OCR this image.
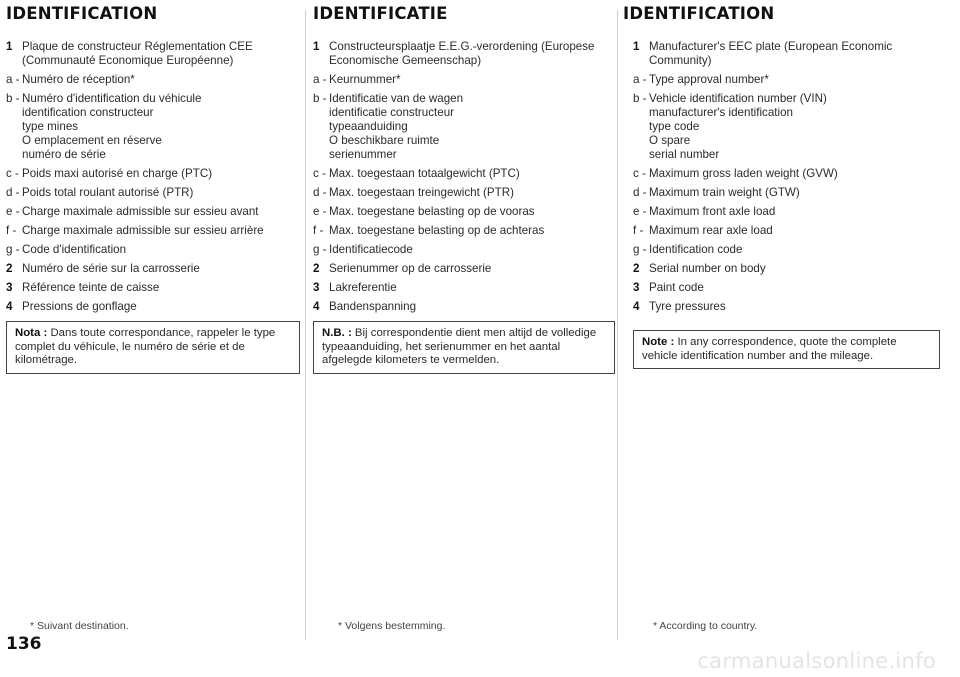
IDENTIFICATION
1 Plaque de constructeur Réglementation CEE
(Communauté Economique Européenne)
a - Numéro de réception*
b - Numéro d'identification du véhicule
identification constructeur
type mines
O emplacement en réserve
numéro de série
c - Poids maxi autorisé en charge (PTC)
d - Poids total roulant autorisé (PTR)
e - Charge maximale admissible sur essieu avant
f - Charge maximale admissible sur essieu arrière
g - Code d'identification
2 Numéro de série sur la carrosserie
3 Référence teinte de caisse
4 Pressions de gonflage
Nota : Dans toute correspondance, rappeler le type complet du véhicule, le numéro de série et de kilométrage.
* Suivant destination.
IDENTIFICATIE
1 Constructeursplaatje E.E.G.-verordening (Europese
Economische Gemeenschap)
a - Keurnummer*
b - Identificatie van de wagen
identificatie constructeur
typeaanduiding
O beschikbare ruimte
serienummer
c - Max. toegestaan totaalgewicht (PTC)
d - Max. toegestaan treingewicht (PTR)
e - Max. toegestane belasting op de vooras
f - Max. toegestane belasting op de achteras
g - Identificatiecode
2 Serienummer op de carrosserie
3 Lakreferentie
4 Bandenspanning
N.B. : Bij correspondentie dient men altijd de volledige typeaanduiding, het serienummer en het aantal afgelegde kilometers te vermelden.
* Volgens bestemming.
IDENTIFICATION
1 Manufacturer's EEC plate (European Economic
Community)
a - Type approval number*
b - Vehicle identification number (VIN)
manufacturer's identification
type code
O spare
serial number
c - Maximum gross laden weight (GVW)
d - Maximum train weight (GTW)
e - Maximum front axle load
f - Maximum rear axle load
g - Identification code
2 Serial number on body
3 Paint code
4 Tyre pressures
Note : In any correspondence, quote the complete vehicle identification number and the mileage.
* According to country.
136
carmanualsonline.info
